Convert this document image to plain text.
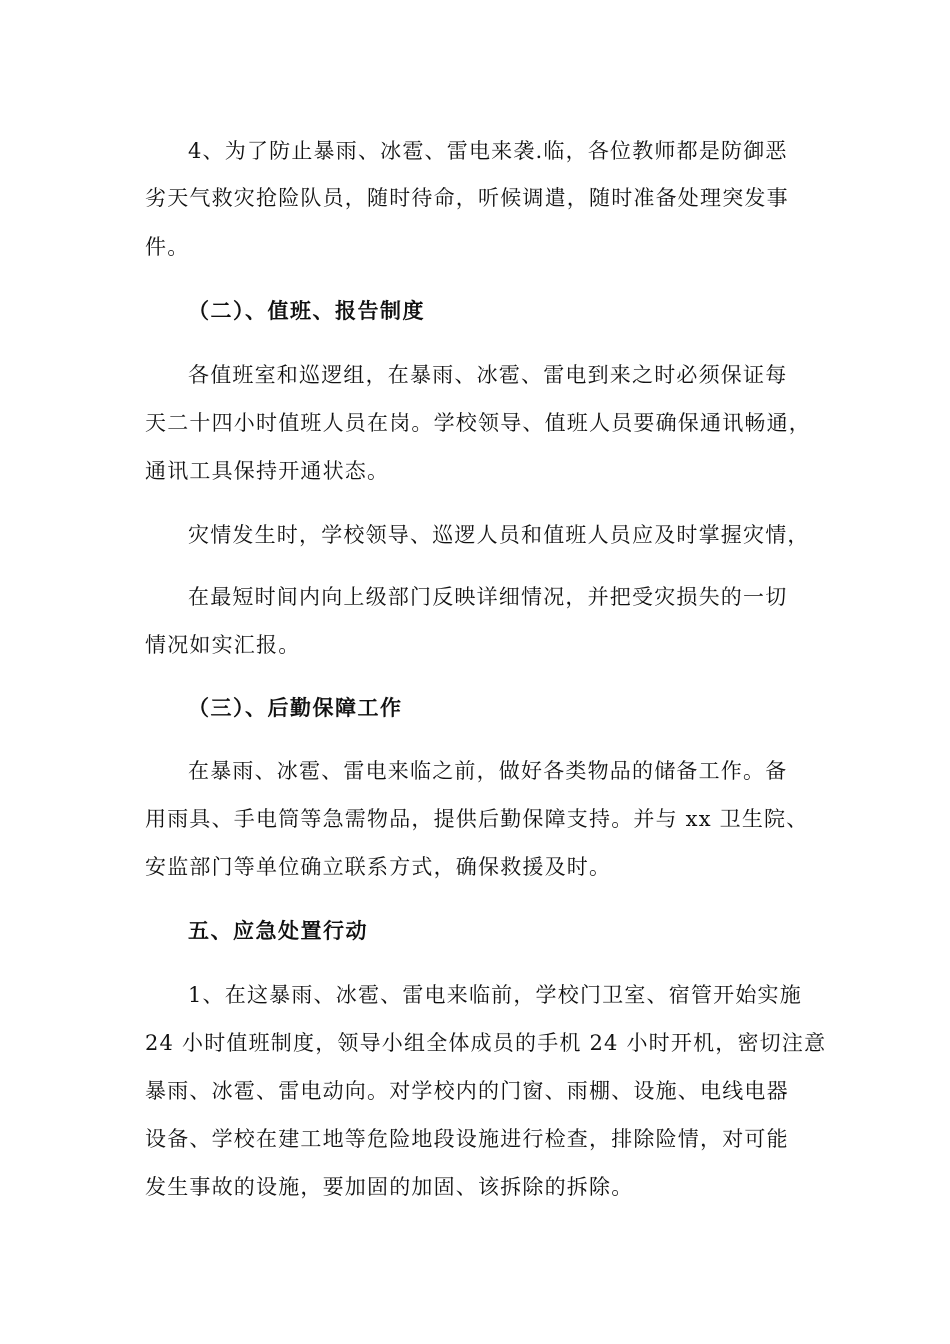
4、为了防止暴雨、冰雹、雷电来袭.临，各位教师都是防御恶
劣天气救灾抢险队员，随时待命，听候调遣，随时准备处理突发事
件。
（二）、值班、报告制度
各值班室和巡逻组，在暴雨、冰雹、雷电到来之时必须保证每
天二十四小时值班人员在岗。学校领导、值班人员要确保通讯畅通，
通讯工具保持开通状态。
灾情发生时，学校领导、巡逻人员和值班人员应及时掌握灾情，
在最短时间内向上级部门反映详细情况，并把受灾损失的一切
情况如实汇报。
（三）、后勤保障工作
在暴雨、冰雹、雷电来临之前，做好各类物品的储备工作。备
用雨具、手电筒等急需物品，提供后勤保障支持。并与 xx 卫生院、
安监部门等单位确立联系方式，确保救援及时。
五、应急处置行动
1、在这暴雨、冰雹、雷电来临前，学校门卫室、宿管开始实施
24 小时值班制度，领导小组全体成员的手机 24 小时开机，密切注意
暴雨、冰雹、雷电动向。对学校内的门窗、雨棚、设施、电线电器
设备、学校在建工地等危险地段设施进行检查，排除险情，对可能
发生事故的设施，要加固的加固、该拆除的拆除。
